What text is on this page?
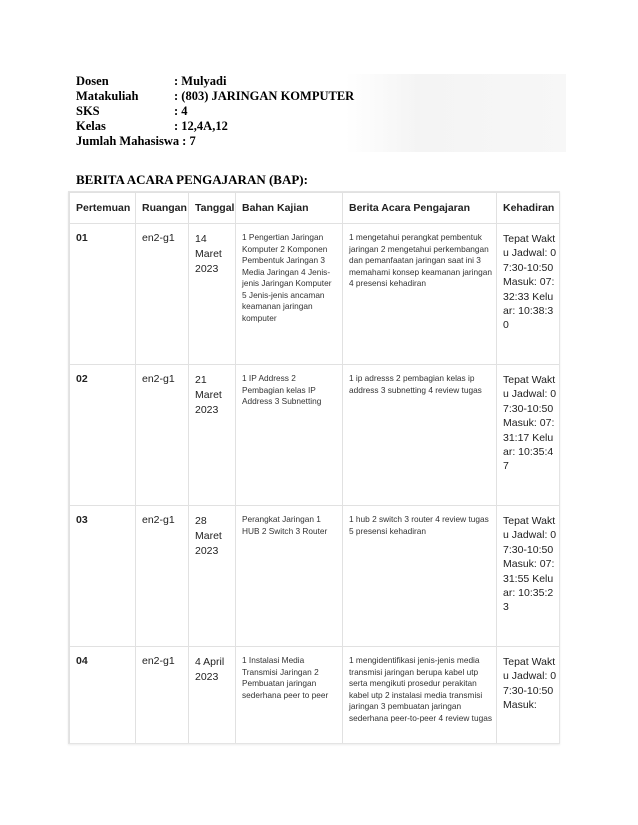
Dosen	: Mulyadi
Matakuliah	: (803) JARINGAN KOMPUTER
SKS	: 4
Kelas	: 12,4A,12
Jumlah Mahasiswa : 7
BERITA ACARA PENGAJARAN (BAP):
Pertemuan	Ruangan	Tanggal	Bahan Kajian	Berita Acara Pengajaran	Kehadiran
01	en2-g1	14 Maret 2023	1 Pengertian Jaringan Komputer 2 Komponen Pembentuk Jaringan 3 Media Jaringan 4 Jenis-jenis Jaringan Komputer 5 Jenis-jenis ancaman keamanan jaringan komputer	1 mengetahui perangkat pembentuk jaringan 2 mengetahui perkembangan dan pemanfaatan jaringan saat ini 3 memahami konsep keamanan jaringan 4 presensi kehadiran	Tepat Waktu Jadwal: 07:30-10:50 Masuk: 07:32:33 Keluar: 10:38:30
02	en2-g1	21 Maret 2023	1 IP Address 2 Pembagian kelas IP Address 3 Subnetting	1 ip adresss 2 pembagian kelas ip address 3 subnetting 4 review tugas	Tepat Waktu Jadwal: 07:30-10:50 Masuk: 07:31:17 Keluar: 10:35:47
03	en2-g1	28 Maret 2023	Perangkat Jaringan 1 HUB 2 Switch 3 Router	1 hub 2 switch 3 router 4 review tugas 5 presensi kehadiran	Tepat Waktu Jadwal: 07:30-10:50 Masuk: 07:31:55 Keluar: 10:35:23
04	en2-g1	4 April 2023	1 Instalasi Media Transmisi Jaringan 2 Pembuatan jaringan sederhana peer to peer	1 mengidentifikasi jenis-jenis media transmisi jaringan berupa kabel utp serta mengikuti prosedur perakitan kabel utp 2 instalasi media transmisi jaringan 3 pembuatan jaringan sederhana peer-to-peer 4 review tugas	Tepat Waktu Jadwal: 07:30-10:50 Masuk:
